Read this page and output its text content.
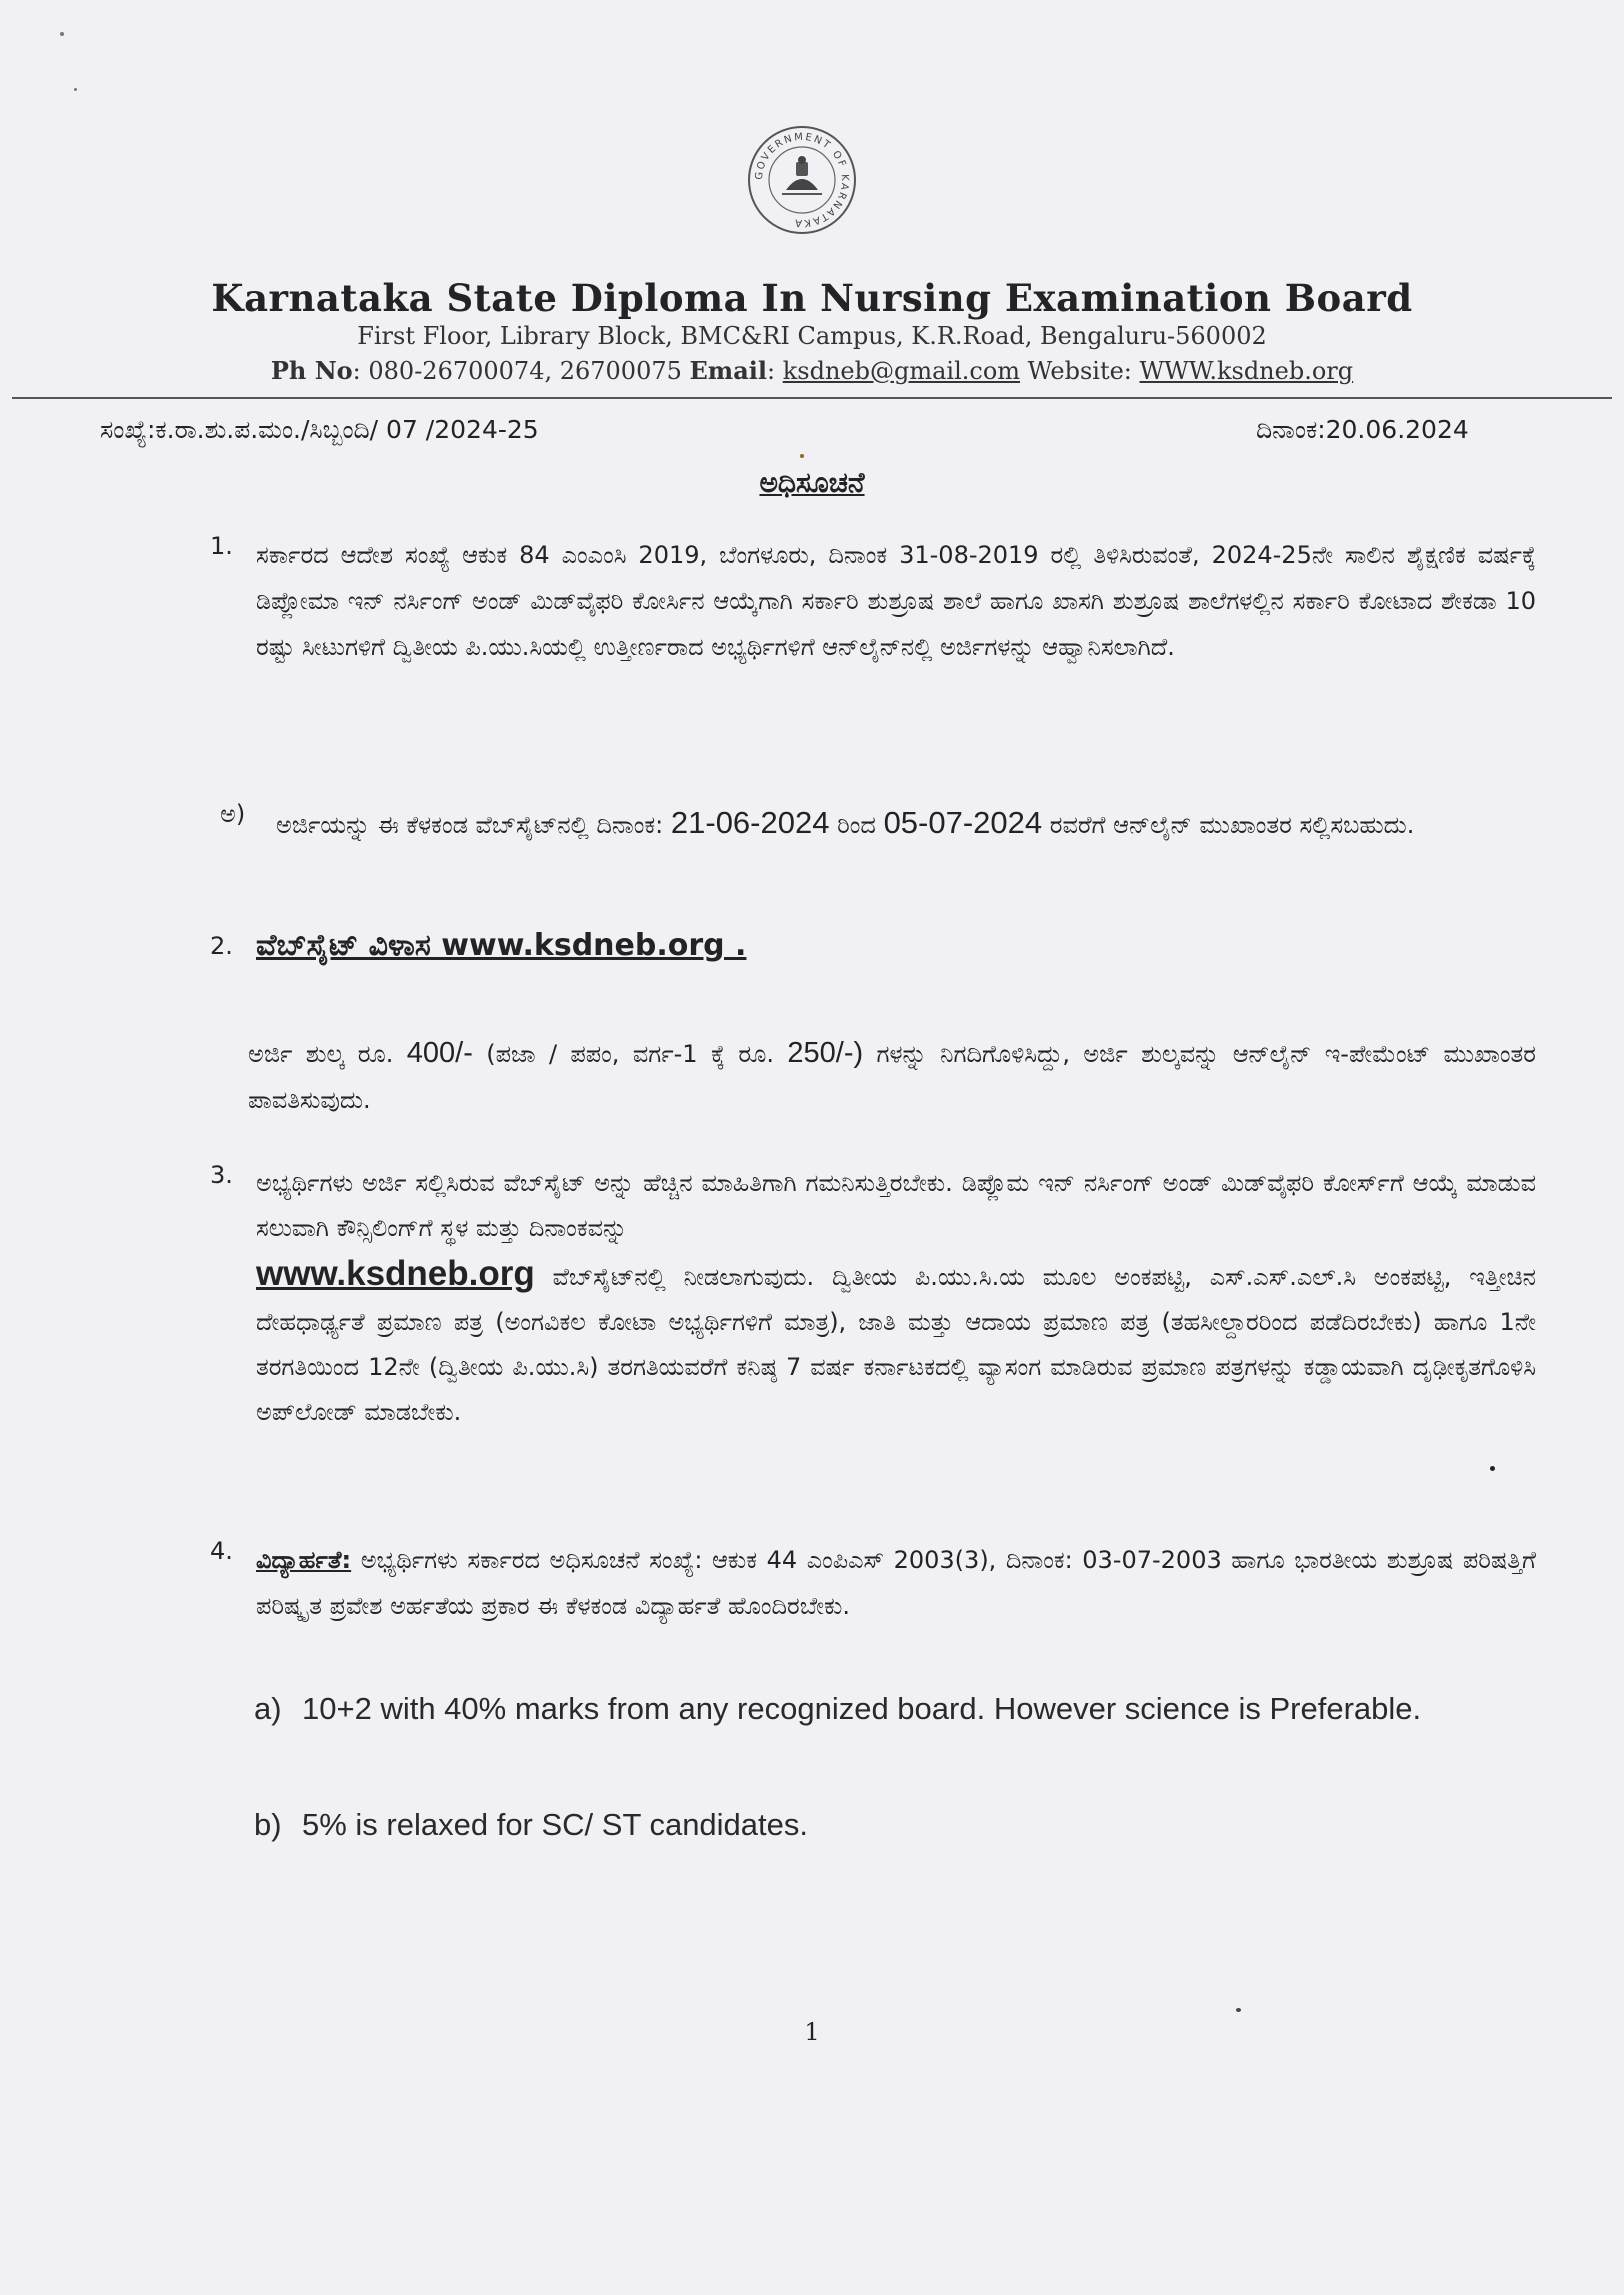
GOVERNMENT OF KARNATAKA
Karnataka State Diploma In Nursing Examination Board
First Floor, Library Block, BMC&RI Campus, K.R.Road, Bengaluru-560002
Ph No: 080-26700074, 26700075 Email: ksdneb@gmail.com Website: WWW.ksdneb.org
ಸಂಖ್ಯೆ:ಕ.ರಾ.ಶು.ಪ.ಮಂ./ಸಿಬ್ಬಂದಿ/ 07 /2024-25	ದಿನಾಂಕ:20.06.2024
ಅಧಿಸೂಚನೆ
1. ಸರ್ಕಾರದ ಆದೇಶ ಸಂಖ್ಯೆ ಆಕುಕ 84 ಎಂಎಂಸಿ 2019, ಬೆಂಗಳೂರು, ದಿನಾಂಕ 31-08-2019 ರಲ್ಲಿ ತಿಳಿಸಿರುವಂತೆ, 2024-25ನೇ ಸಾಲಿನ ಶೈಕ್ಷಣಿಕ ವರ್ಷಕ್ಕೆ ಡಿಪ್ಲೋಮಾ ಇನ್ ನರ್ಸಿಂಗ್ ಅಂಡ್ ಮಿಡ್‌ವೈಫರಿ ಕೋರ್ಸಿನ ಆಯ್ಕೆಗಾಗಿ ಸರ್ಕಾರಿ ಶುಶ್ರೂಷ ಶಾಲೆ ಹಾಗೂ ಖಾಸಗಿ ಶುಶ್ರೂಷ ಶಾಲೆಗಳಲ್ಲಿನ ಸರ್ಕಾರಿ ಕೋಟಾದ ಶೇಕಡಾ 10 ರಷ್ಟು ಸೀಟುಗಳಿಗೆ ದ್ವಿತೀಯ ಪಿ.ಯು.ಸಿಯಲ್ಲಿ ಉತ್ತೀರ್ಣರಾದ ಅಭ್ಯರ್ಥಿಗಳಿಗೆ ಆನ್‌ಲೈನ್‌ನಲ್ಲಿ ಅರ್ಜಿಗಳನ್ನು ಆಹ್ವಾನಿಸಲಾಗಿದೆ.
ಅ) ಅರ್ಜಿಯನ್ನು ಈ ಕೆಳಕಂಡ ವೆಬ್‌ಸೈಟ್‌ನಲ್ಲಿ ದಿನಾಂಕ: 21-06-2024 ರಿಂದ 05-07-2024 ರವರೆಗೆ ಆನ್‌ಲೈನ್ ಮುಖಾಂತರ ಸಲ್ಲಿಸಬಹುದು.
2. ವೆಬ್‌ಸೈಟ್ ವಿಳಾಸ www.ksdneb.org .
ಅರ್ಜಿ ಶುಲ್ಕ ರೂ. 400/- (ಪಜಾ / ಪಪಂ, ವರ್ಗ-1 ಕ್ಕೆ ರೂ. 250/-) ಗಳನ್ನು ನಿಗದಿಗೊಳಿಸಿದ್ದು, ಅರ್ಜಿ ಶುಲ್ಕವನ್ನು ಆನ್‌ಲೈನ್ ಇ-ಪೇಮೆಂಟ್ ಮುಖಾಂತರ ಪಾವತಿಸುವುದು.
3. ಅಭ್ಯರ್ಥಿಗಳು ಅರ್ಜಿ ಸಲ್ಲಿಸಿರುವ ವೆಬ್‌ಸೈಟ್ ಅನ್ನು ಹೆಚ್ಚಿನ ಮಾಹಿತಿಗಾಗಿ ಗಮನಿಸುತ್ತಿರಬೇಕು. ಡಿಪ್ಲೊಮ ಇನ್ ನರ್ಸಿಂಗ್ ಅಂಡ್ ಮಿಡ್‌ವೈಫರಿ ಕೋರ್ಸ್‌ಗೆ ಆಯ್ಕೆ ಮಾಡುವ ಸಲುವಾಗಿ ಕೌನ್ಸಿಲಿಂಗ್‌ಗೆ ಸ್ಥಳ ಮತ್ತು ದಿನಾಂಕವನ್ನು
www.ksdneb.org ವೆಬ್‌ಸೈಟ್‌ನಲ್ಲಿ ನೀಡಲಾಗುವುದು. ದ್ವಿತೀಯ ಪಿ.ಯು.ಸಿ.ಯ ಮೂಲ ಅಂಕಪಟ್ಟಿ, ಎಸ್.ಎಸ್.ಎಲ್.ಸಿ ಅಂಕಪಟ್ಟಿ, ಇತ್ತೀಚಿನ ದೇಹಧಾರ್ಢ್ಯತೆ ಪ್ರಮಾಣ ಪತ್ರ (ಅಂಗವಿಕಲ ಕೋಟಾ ಅಭ್ಯರ್ಥಿಗಳಿಗೆ ಮಾತ್ರ), ಜಾತಿ ಮತ್ತು ಆದಾಯ ಪ್ರಮಾಣ ಪತ್ರ (ತಹಸೀಲ್ದಾರರಿಂದ ಪಡೆದಿರಬೇಕು) ಹಾಗೂ 1ನೇ ತರಗತಿಯಿಂದ 12ನೇ (ದ್ವಿತೀಯ ಪಿ.ಯು.ಸಿ) ತರಗತಿಯವರೆಗೆ ಕನಿಷ್ಠ 7 ವರ್ಷ ಕರ್ನಾಟಕದಲ್ಲಿ ವ್ಯಾಸಂಗ ಮಾಡಿರುವ ಪ್ರಮಾಣ ಪತ್ರಗಳನ್ನು ಕಡ್ಡಾಯವಾಗಿ ದೃಢೀಕೃತಗೊಳಿಸಿ ಅಪ್‌ಲೋಡ್ ಮಾಡಬೇಕು.
4. ವಿದ್ಯಾರ್ಹತೆ: ಅಭ್ಯರ್ಥಿಗಳು ಸರ್ಕಾರದ ಅಧಿಸೂಚನೆ ಸಂಖ್ಯೆ: ಆಕುಕ 44 ಎಂಪಿಎಸ್ 2003(3), ದಿನಾಂಕ: 03-07-2003 ಹಾಗೂ ಭಾರತೀಯ ಶುಶ್ರೂಷ ಪರಿಷತ್ತಿಗೆ ಪರಿಷ್ಕೃತ ಪ್ರವೇಶ ಅರ್ಹತೆಯ ಪ್ರಕಾರ ಈ ಕೆಳಕಂಡ ವಿದ್ಯಾರ್ಹತೆ ಹೊಂದಿರಬೇಕು.
a) 10+2 with 40% marks from any recognized board. However science is Preferable.
b) 5% is relaxed for SC/ ST candidates.
1
